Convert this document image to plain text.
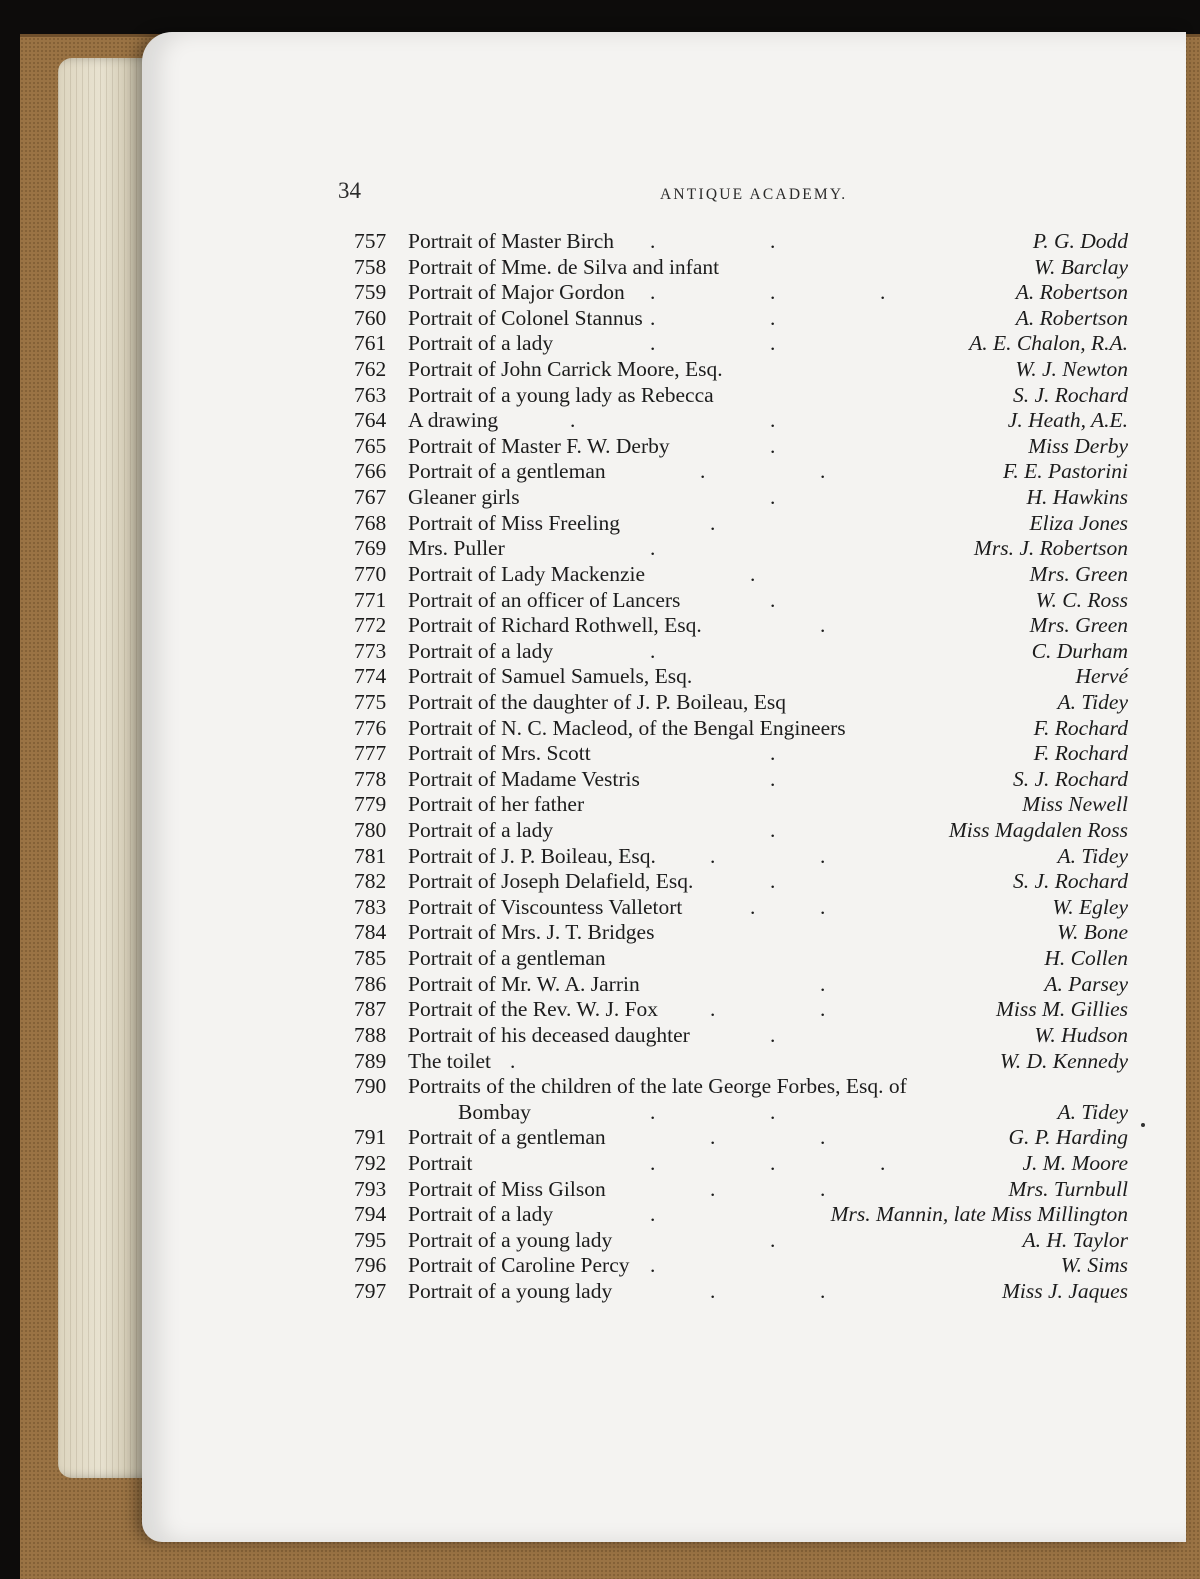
34	ANTIQUE ACADEMY.
757 Portrait of Master Birch .	.	P. G. Dodd
758 Portrait of Mme. de Silva and infant	W. Barclay
759 Portrait of Major Gordon .	.	.	A. Robertson
760 Portrait of Colonel Stannus .	.	A. Robertson
761 Portrait of a lady	.	.	A. E. Chalon, R.A.
762 Portrait of John Carrick Moore, Esq.	W. J. Newton
763 Portrait of a young lady as Rebecca	S. J. Rochard
764 A drawing	.	.	J. Heath, A.E.
765 Portrait of Master F. W. Derby	.	Miss Derby
766 Portrait of a gentleman	.	.	F. E. Pastorini
767 Gleaner girls	.	H. Hawkins
768 Portrait of Miss Freeling	.	Eliza Jones
769 Mrs. Puller	.	Mrs. J. Robertson
770 Portrait of Lady Mackenzie	.	Mrs. Green
771 Portrait of an officer of Lancers	.	W. C. Ross
772 Portrait of Richard Rothwell, Esq.	.	Mrs. Green
773 Portrait of a lady	.	C. Durham
774 Portrait of Samuel Samuels, Esq.	Hervé
775 Portrait of the daughter of J. P. Boileau, Esq	A. Tidey
776 Portrait of N. C. Macleod, of the Bengal Engineers	F. Rochard
777 Portrait of Mrs. Scott	.	F. Rochard
778 Portrait of Madame Vestris	.	S. J. Rochard
779 Portrait of her father	Miss Newell
780 Portrait of a lady	.	Miss Magdalen Ross
781 Portrait of J. P. Boileau, Esq.	.	.	A. Tidey
782 Portrait of Joseph Delafield, Esq.	.	S. J. Rochard
783 Portrait of Viscountess Valletort	. .	W. Egley
784 Portrait of Mrs. J. T. Bridges	W. Bone
785 Portrait of a gentleman	H. Collen
786 Portrait of Mr. W. A. Jarrin	.	A. Parsey
787 Portrait of the Rev. W. J. Fox .	.	Miss M. Gillies
788 Portrait of his deceased daughter	.	W. Hudson
789 The toilet .	W. D. Kennedy
790 Portraits of the children of the late George Forbes, Esq. of
Bombay	.	.	A. Tidey
791 Portrait of a gentleman	.	.	G. P. Harding
792 Portrait	.	.	.	J. M. Moore
793 Portrait of Miss Gilson	.	.	Mrs. Turnbull
794 Portrait of a lady	.	Mrs. Mannin, late Miss Millington
795 Portrait of a young lady	.	A. H. Taylor
796 Portrait of Caroline Percy .	W. Sims
797 Portrait of a young lady	.	.	Miss J. Jaques
